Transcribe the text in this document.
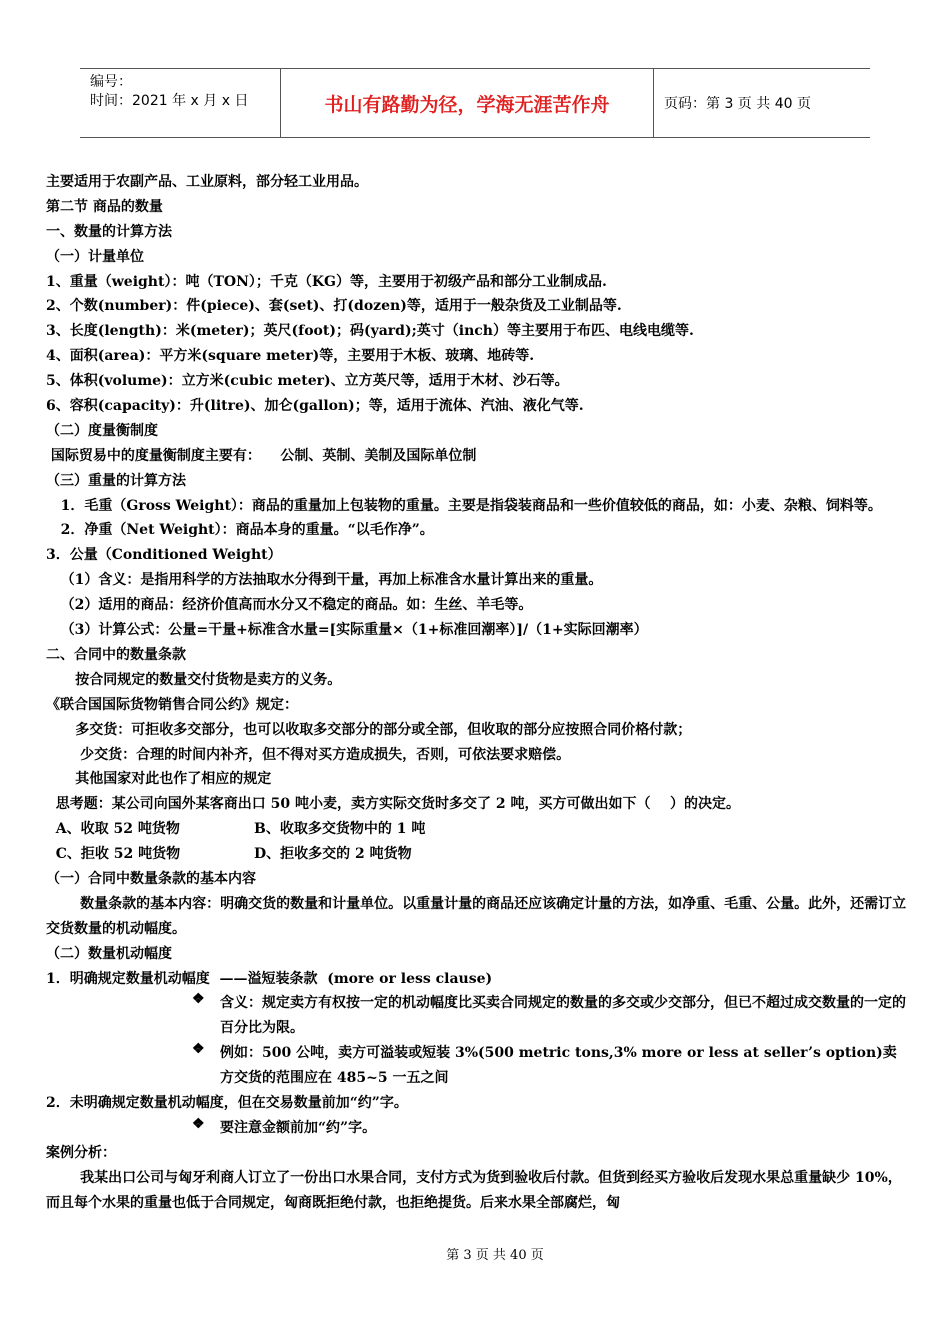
编号：
时间：2021 年 x 月 x 日	书山有路勤为径，学海无涯苦作舟	页码：第 3 页 共 40 页
主要适用于农副产品、工业原料，部分轻工业用品。
第二节 商品的数量
一、数量的计算方法
（一）计量单位
1、重量（weight）：吨（TON）；千克（KG）等，主要用于初级产品和部分工业制成品.
2、个数(number)：件(piece)、套(set)、打(dozen)等，适用于一般杂货及工业制品等.
3、长度(length)：米(meter)；英尺(foot)；码(yard);英寸（inch）等主要用于布匹、电线电缆等.
4、面积(area)：平方米(square meter)等，主要用于木板、玻璃、地砖等.
5、体积(volume)：立方米(cubic meter)、立方英尺等，适用于木材、沙石等。
6、容积(capacity)：升(litre)、加仑(gallon)；等，适用于流体、汽油、液化气等.
（二）度量衡制度
国际贸易中的度量衡制度主要有：    公制、英制、美制及国际单位制
（三）重量的计算方法
1．毛重（Gross Weight）：商品的重量加上包装物的重量。主要是指袋装商品和一些价值较低的商品，如：小麦、杂粮、饲料等。
2．净重（Net Weight）：商品本身的重量。“以毛作净”。
3．公量（Conditioned Weight）
（1）含义：是指用科学的方法抽取水分得到干量，再加上标准含水量计算出来的重量。
（2）适用的商品：经济价值高而水分又不稳定的商品。如：生丝、羊毛等。
（3）计算公式：公量=干量+标准含水量=[实际重量×（1+标准回潮率）]/（1+实际回潮率）
二、合同中的数量条款
按合同规定的数量交付货物是卖方的义务。
《联合国国际货物销售合同公约》规定：
多交货：可拒收多交部分，也可以收取多交部分的部分或全部，但收取的部分应按照合同价格付款；
少交货：合理的时间内补齐，但不得对买方造成损失，否则，可依法要求赔偿。
其他国家对此也作了相应的规定
思考题：某公司向国外某客商出口 50 吨小麦，卖方实际交货时多交了 2 吨，买方可做出如下（    ）的决定。
A、收取 52 吨货物	B、收取多交货物中的 1 吨
C、拒收 52 吨货物	D、拒收多交的 2 吨货物
（一）合同中数量条款的基本内容
数量条款的基本内容：明确交货的数量和计量单位。以重量计量的商品还应该确定计量的方法，如净重、毛重、公量。此外，还需订立交货数量的机动幅度。
（二）数量机动幅度
1．明确规定数量机动幅度  ——溢短装条款  (more or less clause)
❖	含义：规定卖方有权按一定的机动幅度比买卖合同规定的数量的多交或少交部分，但已不超过成交数量的一定的百分比为限。
❖	例如：500 公吨，卖方可溢装或短装 3%(500 metric tons,3% more or less at seller’s option)卖方交货的范围应在 485~5 一五之间
2．未明确规定数量机动幅度，但在交易数量前加“约”字。
❖	要注意金额前加“约”字。
案例分析：
我某出口公司与匈牙利商人订立了一份出口水果合同，支付方式为货到验收后付款。但货到经买方验收后发现水果总重量缺少 10%，而且每个水果的重量也低于合同规定，匈商既拒绝付款，也拒绝提货。后来水果全部腐烂，匈
第 3 页 共 40 页
